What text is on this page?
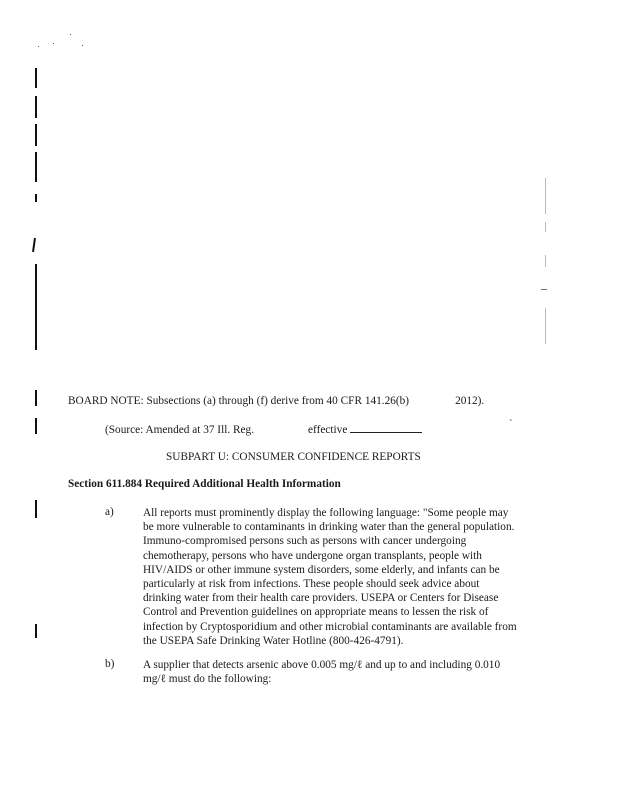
BOARD NOTE: Subsections (a) through (f) derive from 40 CFR 141.26(b)	2012).
(Source: Amended at 37 Ill. Reg.	effective	`
SUBPART U: CONSUMER CONFIDENCE REPORTS
Section 611.884 Required Additional Health Information
a)	All reports must prominently display the following language: "Some people may
be more vulnerable to contaminants in drinking water than the general population.
Immuno-compromised persons such as persons with cancer undergoing
chemotherapy, persons who have undergone organ transplants, people with
HIV/AIDS or other immune system disorders, some elderly, and infants can be
particularly at risk from infections. These people should seek advice about
drinking water from their health care providers. USEPA or Centers for Disease
Control and Prevention guidelines on appropriate means to lessen the risk of
infection by Cryptosporidium and other microbial contaminants are available from
the USEPA Safe Drinking Water Hotline (800-426-4791).
b)	A supplier that detects arsenic above 0.005 mg/ℓ and up to and including 0.010
mg/ℓ must do the following:
